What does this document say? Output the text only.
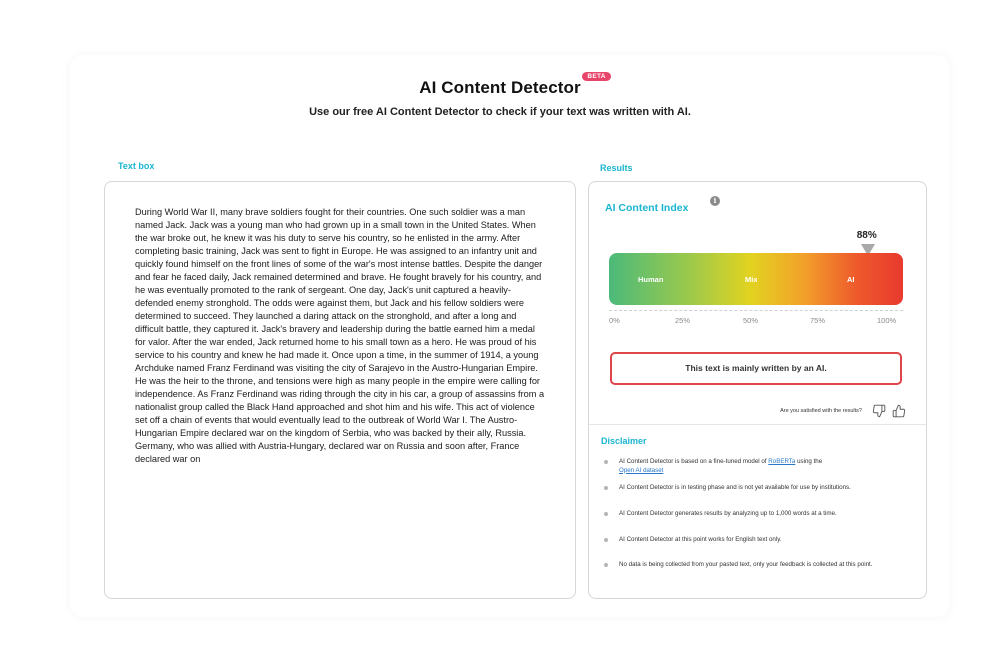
AI Content Detector
BETA
Use our free AI Content Detector to check if your text was written with AI.
Text box	Results

During World War II, many brave soldiers fought for their countries. One such soldier was a man named Jack. Jack was a young man who had grown up in a small town in the United States. When the war broke out, he knew it was his duty to serve his country, so he enlisted in the army. After completing basic training, Jack was sent to fight in Europe. He was assigned to an infantry unit and quickly found himself on the front lines of some of the war's most intense battles. Despite the danger and fear he faced daily, Jack remained determined and brave. He fought bravely for his country, and he was eventually promoted to the rank of sergeant. One day, Jack's unit captured a heavily-defended enemy stronghold. The odds were against them, but Jack and his fellow soldiers were determined to succeed. They launched a daring attack on the stronghold, and after a long and difficult battle, they captured it. Jack's bravery and leadership during the battle earned him a medal for valor. After the war ended, Jack returned home to his small town as a hero. He was proud of his service to his country and knew he had made it. Once upon a time, in the summer of 1914, a young Archduke named Franz Ferdinand was visiting the city of Sarajevo in the Austro-Hungarian Empire. He was the heir to the throne, and tensions were high as many people in the empire were calling for independence. As Franz Ferdinand was riding through the city in his car, a group of assassins from a nationalist group called the Black Hand approached and shot him and his wife. This act of violence set off a chain of events that would eventually lead to the outbreak of World War I. The Austro-Hungarian Empire declared war on the kingdom of Serbia, who was backed by their ally, Russia. Germany, who was allied with Austria-Hungary, declared war on Russia and soon after, France declared war on

AI Content Index
i
88%
Human	Mix	AI
0%	25%	50%	75%	100%
This text is mainly written by an AI.
Are you satisfied with the results?
Disclaimer
AI Content Detector is based on a fine-tuned model of RoBERTa using the
Open AI dataset
AI Content Detector is in testing phase and is not yet available for use by institutions.
AI Content Detector generates results by analyzing up to 1,000 words at a time.
AI Content Detector at this point works for English text only.
No data is being collected from your pasted text, only your feedback is collected at this point.
